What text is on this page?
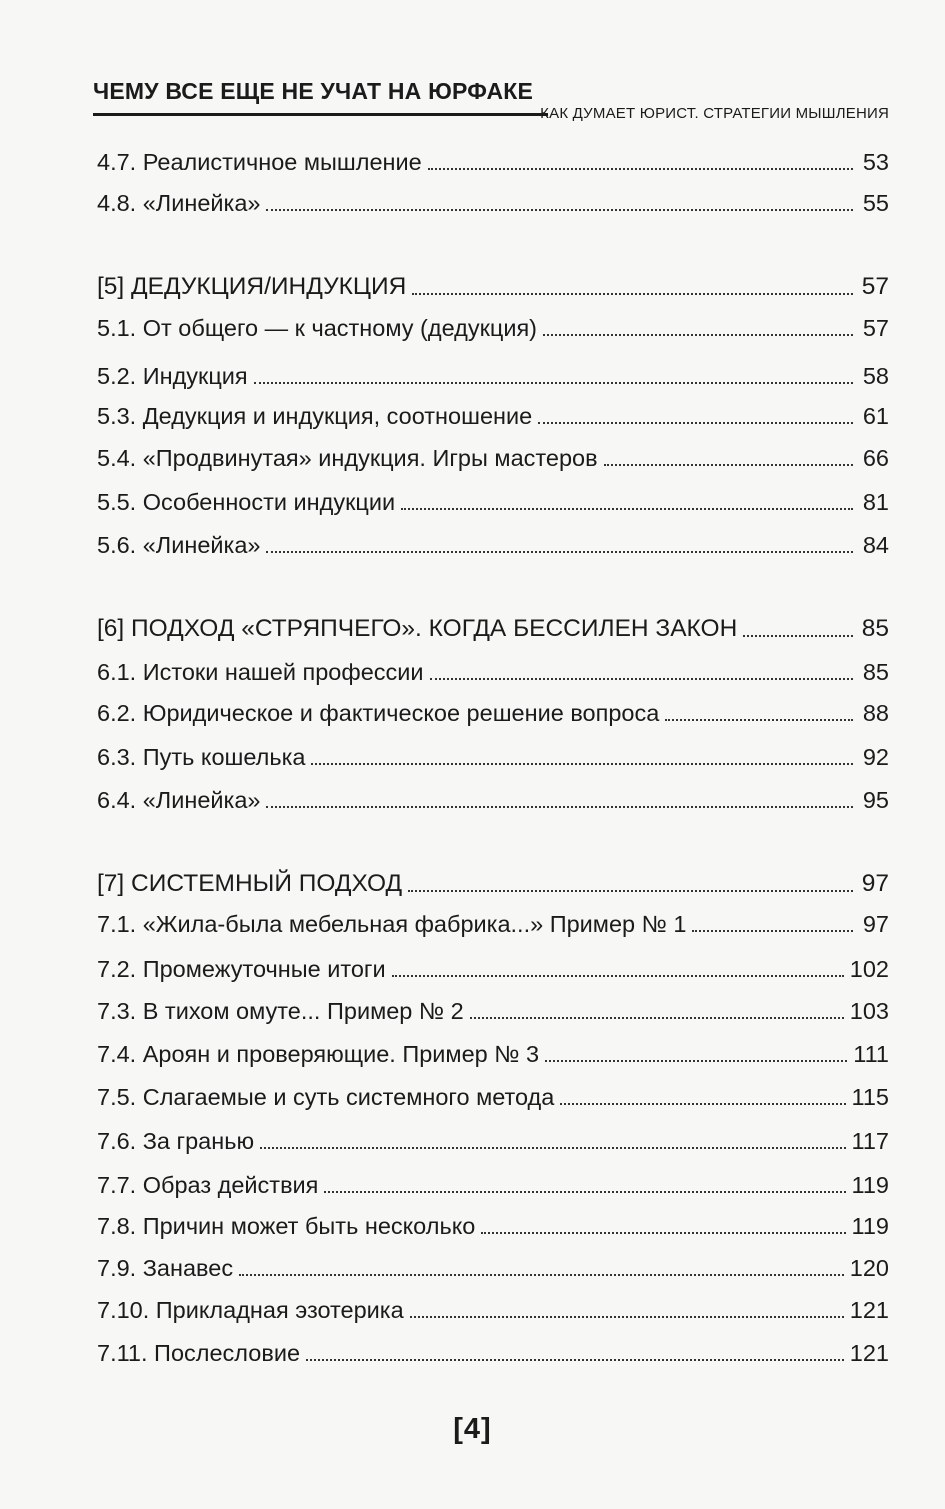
ЧЕМУ ВСЕ ЕЩЕ НЕ УЧАТ НА ЮРФАКЕ
КАК ДУМАЕТ ЮРИСТ. СТРАТЕГИИ МЫШЛЕНИЯ
4.7. Реалистичное мышление	53
4.8. «Линейка»	55
[5] ДЕДУКЦИЯ/ИНДУКЦИЯ	57
5.1. От общего — к частному (дедукция)	57
5.2. Индукция	58
5.3. Дедукция и индукция, соотношение	61
5.4. «Продвинутая» индукция. Игры мастеров	66
5.5. Особенности индукции	81
5.6. «Линейка»	84
[6] ПОДХОД «СТРЯПЧЕГО». КОГДА БЕССИЛЕН ЗАКОН	85
6.1. Истоки нашей профессии	85
6.2. Юридическое и фактическое решение вопроса	88
6.3. Путь кошелька	92
6.4. «Линейка»	95
[7] СИСТЕМНЫЙ ПОДХОД	97
7.1. «Жила-была мебельная фабрика...» Пример № 1	97
7.2. Промежуточные итоги	102
7.3. В тихом омуте... Пример № 2	103
7.4. Ароян и проверяющие. Пример № 3	111
7.5. Слагаемые и суть системного метода	115
7.6. За гранью	117
7.7. Образ действия	119
7.8. Причин может быть несколько	119
7.9. Занавес	120
7.10. Прикладная эзотерика	121
7.11. Послесловие	121
[4]
